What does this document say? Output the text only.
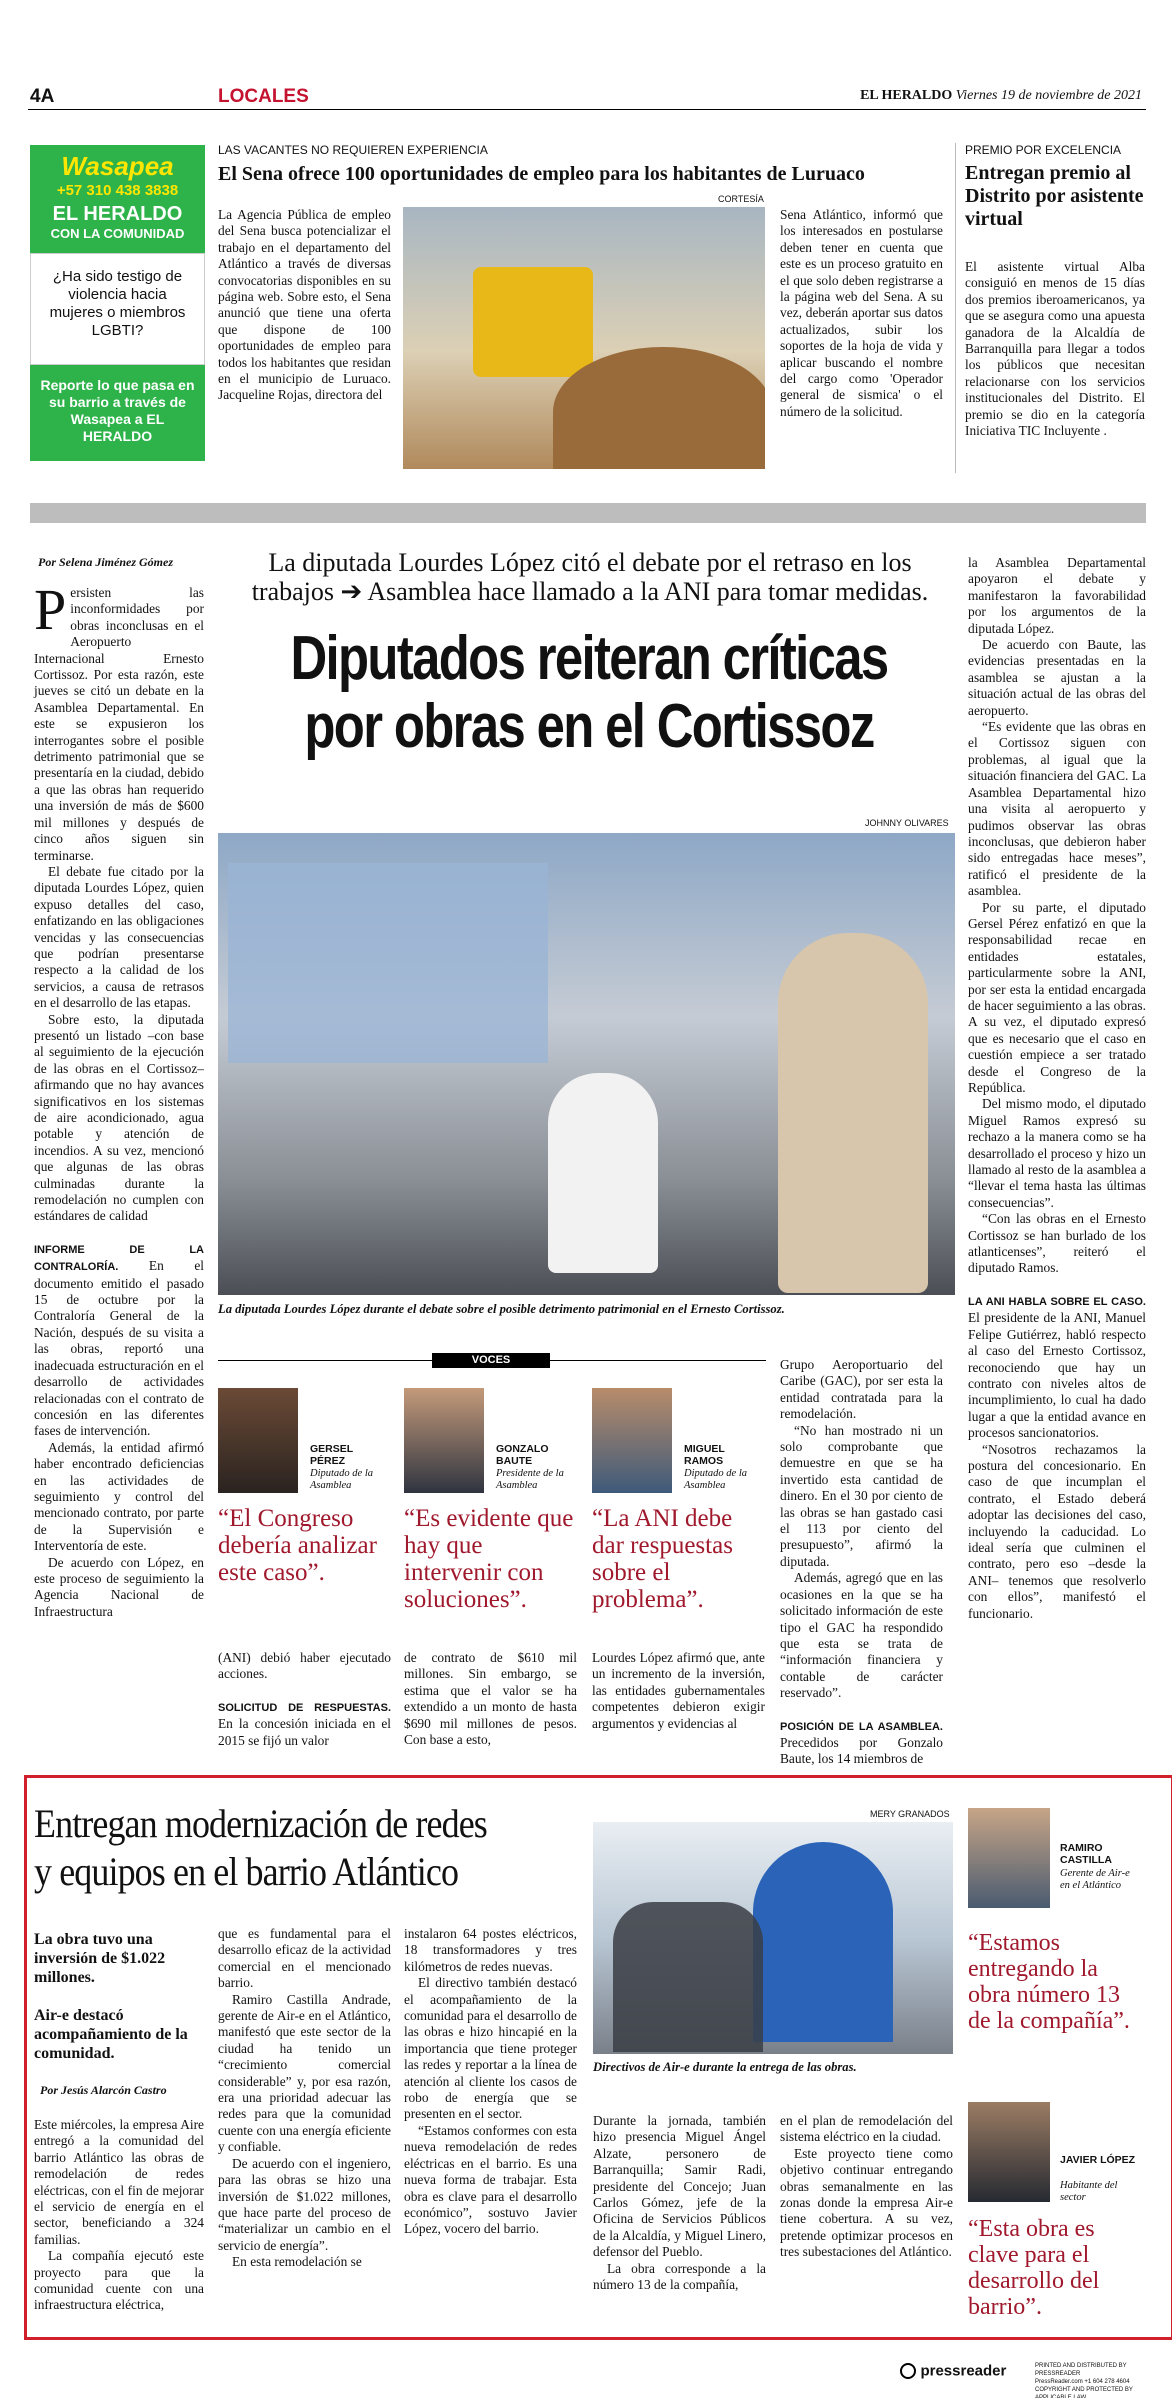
4A	LOCALES	EL HERALDO Viernes 19 de noviembre de 2021
Wasapea
+57 310 438 3838
EL HERALDO
CON LA COMUNIDAD
¿Ha sido testigo de violencia hacia mujeres o miembros LGBTI?
Reporte lo que pasa en su barrio a través de Wasapea a EL HERALDO
LAS VACANTES NO REQUIEREN EXPERIENCIA
El Sena ofrece 100 oportunidades de empleo para los habitantes de Luruaco
CORTESÍA
La Agencia Pública de empleo del Sena busca potencializar el trabajo en el departamento del Atlántico a través de diversas convocatorias disponibles en su página web. Sobre esto, el Sena anunció que tiene una oferta que dispone de 100 oportunidades de empleo para todos los habitantes que residan en el municipio de Luruaco. Jacqueline Rojas, directora del
Sena Atlántico, informó que los interesados en postularse deben tener en cuenta que este es un proceso gratuito en el que solo deben registrarse a la página web del Sena. A su vez, deberán aportar sus datos actualizados, subir los soportes de la hoja de vida y aplicar buscando el nombre del cargo como 'Operador general de sismica' o el número de la solicitud.
PREMIO POR EXCELENCIA
Entregan premio al Distrito por asistente virtual
El asistente virtual Alba consiguió en menos de 15 días dos premios iberoamericanos, ya que se asegura como una apuesta ganadora de la Alcaldía de Barranquilla para llegar a todos los públicos que necesitan relacionarse con los servicios institucionales del Distrito. El premio se dio en la categoría Iniciativa TIC Incluyente .
Por Selena Jiménez Gómez
P ersisten las inconformidades por obras inconclusas en el Aeropuerto Internacional Ernesto Cortissoz. Por esta razón, este jueves se citó un debate en la Asamblea Departamental. En este se expusieron los interrogantes sobre el posible detrimento patrimonial que se presentaría en la ciudad, debido a que las obras han requerido una inversión de más de $600 mil millones y después de cinco años siguen sin terminarse.

El debate fue citado por la diputada Lourdes López, quien expuso detalles del caso, enfatizando en las obligaciones vencidas y las consecuencias que podrían presentarse respecto a la calidad de los servicios, a causa de retrasos en el desarrollo de las etapas.

Sobre esto, la diputada presentó un listado –con base al seguimiento de la ejecución de las obras en el Cortissoz– afirmando que no hay avances significativos en los sistemas de aire acondicionado, agua potable y atención de incendios. A su vez, mencionó que algunas de las obras culminadas durante la remodelación no cumplen con estándares de calidad

INFORME DE LA CONTRALORÍA. En el documento emitido el pasado 15 de octubre por la Contraloría General de la Nación, después de su visita a las obras, reportó una inadecuada estructuración en el desarrollo de actividades relacionadas con el contrato de concesión en las diferentes fases de intervención.

Además, la entidad afirmó haber encontrado deficiencias en las actividades de seguimiento y control del mencionado contrato, por parte de la Supervisión e Interventoría de este.

De acuerdo con López, en este proceso de seguimiento la Agencia Nacional de Infraestructura

La diputada Lourdes López citó el debate por el retraso en los trabajos ➔ Asamblea hace llamado a la ANI para tomar medidas.
Diputados reiteran críticas
por obras en el Cortissoz
JOHNNY OLIVARES
La diputada Lourdes López durante el debate sobre el posible detrimento patrimonial en el Ernesto Cortissoz.
VOCES
GERSEL PÉREZ
Diputado de la Asamblea
“El Congreso debería analizar este caso”.
GONZALO BAUTE
Presidente de la Asamblea
“Es evidente que hay que intervenir con soluciones”.
MIGUEL RAMOS
Diputado de la Asamblea
“La ANI debe dar respuestas sobre el problema”.

(ANI) debió haber ejecutado acciones.

SOLICITUD DE RESPUESTAS. En la concesión iniciada en el 2015 se fijó un valor

de contrato de $610 mil millones. Sin embargo, se estima que el valor se ha extendido a un monto de hasta $690 mil millones de pesos. Con base a esto,
Lourdes López afirmó que, ante un incremento de la inversión, las entidades gubernamentales competentes debieron exigir argumentos y evidencias al

Grupo Aeroportuario del Caribe (GAC), por ser esta la entidad contratada para la remodelación.

“No han mostrado ni un solo comprobante que demuestre en que se ha invertido esta cantidad de dinero. En el 30 por ciento de las obras se han gastado casi el 113 por ciento del presupuesto”, afirmó la diputada.

Además, agregó que en las ocasiones en la que se ha solicitado información de este tipo el GAC ha respondido que esta se trata de “información financiera y contable de carácter reservado”.

POSICIÓN DE LA ASAMBLEA. Precedidos por Gonzalo Baute, los 14 miembros de

la Asamblea Departamental apoyaron el debate y manifestaron la favorabilidad por los argumentos de la diputada López.

De acuerdo con Baute, las evidencias presentadas en la asamblea se ajustan a la situación actual de las obras del aeropuerto.

“Es evidente que las obras en el Cortissoz siguen con problemas, al igual que la situación financiera del GAC. La Asamblea Departamental hizo una visita al aeropuerto y pudimos observar las obras inconclusas, que debieron haber sido entregadas hace meses”, ratificó el presidente de la asamblea.

Por su parte, el diputado Gersel Pérez enfatizó en que la responsabilidad recae en entidades estatales, particularmente sobre la ANI, por ser esta la entidad encargada de hacer seguimiento a las obras. A su vez, el diputado expresó que es necesario que el caso en cuestión empiece a ser tratado desde el Congreso de la República.

Del mismo modo, el diputado Miguel Ramos expresó su rechazo a la manera como se ha desarrollado el proceso y hizo un llamado al resto de la asamblea a “llevar el tema hasta las últimas consecuencias”.

“Con las obras en el Ernesto Cortissoz se han burlado de los atlanticenses”, reiteró el diputado Ramos.

LA ANI HABLA SOBRE EL CASO. El presidente de la ANI, Manuel Felipe Gutiérrez, habló respecto al caso del Ernesto Cortissoz, reconociendo que hay un contrato con niveles altos de incumplimiento, lo cual ha dado lugar a que la entidad avance en procesos sancionatorios.

“Nosotros rechazamos la postura del concesionario. En caso de que incumplan el contrato, el Estado deberá adoptar las decisiones del caso, incluyendo la caducidad. Lo ideal sería que culminen el contrato, pero eso –desde la ANI– tenemos que resolverlo con ellos”, manifestó el funcionario.

Entregan modernización de redes
y equipos en el barrio Atlántico
La obra tuvo una inversión de $1.022 millones.
Air-e destacó acompañamiento de la comunidad.
Por Jesús Alarcón Castro

Este miércoles, la empresa Aire entregó a la comunidad del barrio Atlántico las obras de remodelación de redes eléctricas, con el fin de mejorar el servicio de energía en el sector, beneficiando a 324 familias.

La compañía ejecutó este proyecto para que la comunidad cuente con una infraestructura eléctrica,

que es fundamental para el desarrollo eficaz de la actividad comercial en el mencionado barrio.

Ramiro Castilla Andrade, gerente de Air-e en el Atlántico, manifestó que este sector de la ciudad ha tenido un “crecimiento comercial considerable” y, por esa razón, era una prioridad adecuar las redes para que la comunidad cuente con una energía eficiente y confiable.

De acuerdo con el ingeniero, para las obras se hizo una inversión de $1.022 millones, que hace parte del proceso de “materializar un cambio en el servicio de energía”.

En esta remodelación se

instalaron 64 postes eléctricos, 18 transformadores y tres kilómetros de redes nuevas.

El directivo también destacó el acompañamiento de la comunidad para el desarrollo de las obras e hizo hincapié en la importancia que tiene proteger las redes y reportar a la línea de atención al cliente los casos de robo de energía que se presenten en el sector.

“Estamos conformes con esta nueva remodelación de redes eléctricas en el barrio. Es una nueva forma de trabajar. Esta obra es clave para el desarrollo económico”, sostuvo Javier López, vocero del barrio.

MERY GRANADOS
Directivos de Air-e durante la entrega de las obras.

Durante la jornada, también hizo presencia Miguel Ángel Alzate, personero de Barranquilla; Samir Radi, presidente del Concejo; Juan Carlos Gómez, jefe de la Oficina de Servicios Públicos de la Alcaldía, y Miguel Linero, defensor del Pueblo.

La obra corresponde a la número 13 de la compañía,

en el plan de remodelación del sistema eléctrico en la ciudad.

Este proyecto tiene como objetivo continuar entregando obras semanalmente en las zonas donde la empresa Air-e tiene cobertura. A su vez, pretende optimizar procesos en tres subestaciones del Atlántico.

RAMIRO CASTILLA
Gerente de Air-e en el Atlántico
“Estamos entregando la obra número 13 de la compañía”.
JAVIER LÓPEZ
Habitante del sector
“Esta obra es clave para el desarrollo del barrio”.
pressreader	PRINTED AND DISTRIBUTED BY PRESSREADER
PressReader.com +1 604 278 4604
COPYRIGHT AND PROTECTED BY APPLICABLE LAW
